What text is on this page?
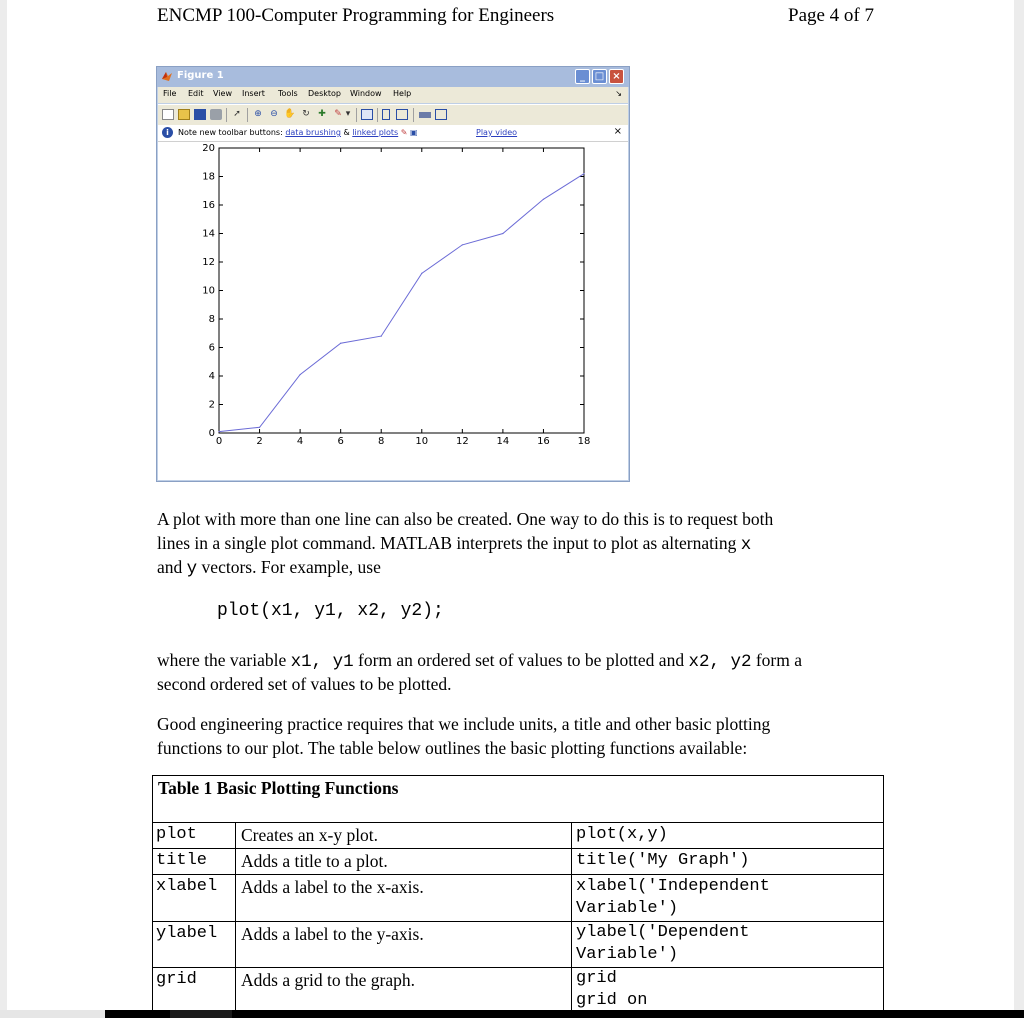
ENCMP 100-Computer Programming for Engineers	Page 4 of 7
Figure 1	_ □ ×
File Edit View Insert Tools Desktop Window Help	↘
➚ ⊕ ⊖ ✋ ↻ ✚ ✎ ▾
i	Note new toolbar buttons: data brushing & linked plots ✎ ▣	Play video	×
0	2	4	6	8	10	12	14	16	18
0
2
4
6
8
10
12
14
16
18
20
A plot with more than one line can also be created. One way to do this is to request both
lines in a single plot command. MATLAB interprets the input to plot as alternating x
and y vectors. For example, use
plot(x1, y1, x2, y2);
where the variable x1, y1 form an ordered set of values to be plotted and x2, y2 form a
second ordered set of values to be plotted.
Good engineering practice requires that we include units, a title and other basic plotting
functions to our plot. The table below outlines the basic plotting functions available:
Table 1 Basic Plotting Functions
plot	Creates an x-y plot.	plot(x,y)
title Adds a title to a plot.	title('My Graph')
xlabel Adds a label to the x-axis.	xlabel('Independent
Variable')
ylabel Adds a label to the y-axis.	ylabel('Dependent
Variable')
grid	Adds a grid to the graph.	grid
grid on
